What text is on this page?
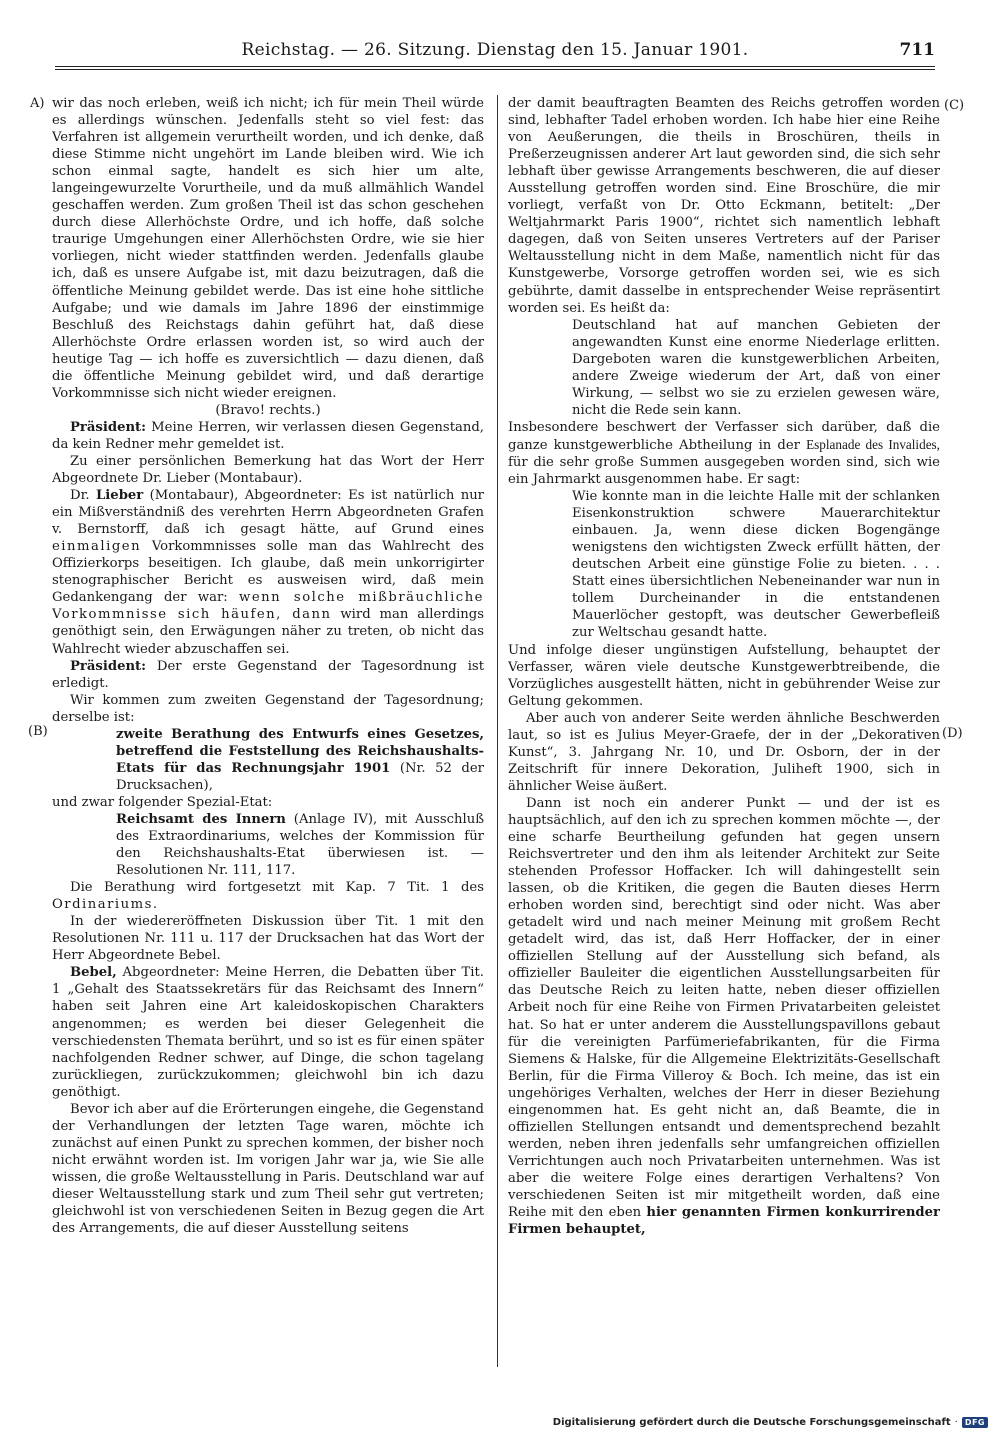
Reichstag. — 26. Sitzung. Dienstag den 15. Januar 1901.	711
A)
(B)
(C)
(D)

wir das noch erleben, weiß ich nicht; ich für mein Theil würde es allerdings wünschen. Jedenfalls steht so viel fest: das Verfahren ist allgemein verurtheilt worden, und ich denke, daß diese Stimme nicht ungehört im Lande bleiben wird. Wie ich schon einmal sagte, handelt es sich hier um alte, langeingewurzelte Vorurtheile, und da muß allmählich Wandel geschaffen werden. Zum großen Theil ist das schon geschehen durch diese Allerhöchste Ordre, und ich hoffe, daß solche traurige Umgehungen einer Allerhöchsten Ordre, wie sie hier vorliegen, nicht wieder stattfinden werden. Jedenfalls glaube ich, daß es unsere Aufgabe ist, mit dazu beizutragen, daß die öffentliche Meinung gebildet werde. Das ist eine hohe sittliche Aufgabe; und wie damals im Jahre 1896 der einstimmige Beschluß des Reichstags dahin geführt hat, daß diese Allerhöchste Ordre erlassen worden ist, so wird auch der heutige Tag — ich hoffe es zuversichtlich — dazu dienen, daß die öffentliche Meinung gebildet wird, und daß derartige Vorkommnisse sich nicht wieder ereignen.

(Bravo! rechts.)

Präsident: Meine Herren, wir verlassen diesen Gegenstand, da kein Redner mehr gemeldet ist.

Zu einer persönlichen Bemerkung hat das Wort der Herr Abgeordnete Dr. Lieber (Montabaur).

Dr. Lieber (Montabaur), Abgeordneter: Es ist natürlich nur ein Mißverständniß des verehrten Herrn Abgeordneten Grafen v. Bernstorff, daß ich gesagt hätte, auf Grund eines einmaligen Vorkommnisses solle man das Wahlrecht des Offizierkorps beseitigen. Ich glaube, daß mein unkorrigirter stenographischer Bericht es ausweisen wird, daß mein Gedankengang der war: wenn solche mißbräuchliche Vorkommnisse sich häufen, dann wird man allerdings genöthigt sein, den Erwägungen näher zu treten, ob nicht das Wahlrecht wieder abzuschaffen sei.

Präsident: Der erste Gegenstand der Tagesordnung ist erledigt.

Wir kommen zum zweiten Gegenstand der Tagesordnung; derselbe ist:

zweite Berathung des Entwurfs eines Gesetzes, betreffend die Feststellung des Reichshaushalts-Etats für das Rechnungsjahr 1901 (Nr. 52 der Drucksachen),

und zwar folgender Spezial-Etat:

Reichsamt des Innern (Anlage IV), mit Ausschluß des Extraordinariums, welches der Kommission für den Reichshaushalts-Etat überwiesen ist. — Resolutionen Nr. 111, 117.

Die Berathung wird fortgesetzt mit Kap. 7 Tit. 1 des Ordinariums.

In der wiedereröffneten Diskussion über Tit. 1 mit den Resolutionen Nr. 111 u. 117 der Drucksachen hat das Wort der Herr Abgeordnete Bebel.

Bebel, Abgeordneter: Meine Herren, die Debatten über Tit. 1 „Gehalt des Staatssekretärs für das Reichsamt des Innern“ haben seit Jahren eine Art kaleidoskopischen Charakters angenommen; es werden bei dieser Gelegenheit die verschiedensten Themata berührt, und so ist es für einen später nachfolgenden Redner schwer, auf Dinge, die schon tagelang zurückliegen, zurückzukommen; gleichwohl bin ich dazu genöthigt.

Bevor ich aber auf die Erörterungen eingehe, die Gegenstand der Verhandlungen der letzten Tage waren, möchte ich zunächst auf einen Punkt zu sprechen kommen, der bisher noch nicht erwähnt worden ist. Im vorigen Jahr war ja, wie Sie alle wissen, die große Weltausstellung in Paris. Deutschland war auf dieser Weltausstellung stark und zum Theil sehr gut vertreten; gleichwohl ist von verschiedenen Seiten in Bezug gegen die Art des Arrangements, die auf dieser Ausstellung seitens

der damit beauftragten Beamten des Reichs getroffen worden sind, lebhafter Tadel erhoben worden. Ich habe hier eine Reihe von Aeußerungen, die theils in Broschüren, theils in Preßerzeugnissen anderer Art laut geworden sind, die sich sehr lebhaft über gewisse Arrangements beschweren, die auf dieser Ausstellung getroffen worden sind. Eine Broschüre, die mir vorliegt, verfaßt von Dr. Otto Eckmann, betitelt: „Der Weltjahrmarkt Paris 1900“, richtet sich namentlich lebhaft dagegen, daß von Seiten unseres Vertreters auf der Pariser Weltausstellung nicht in dem Maße, namentlich nicht für das Kunstgewerbe, Vorsorge getroffen worden sei, wie es sich gebührte, damit dasselbe in entsprechender Weise repräsentirt worden sei. Es heißt da:

Deutschland hat auf manchen Gebieten der angewandten Kunst eine enorme Niederlage erlitten. Dargeboten waren die kunstgewerblichen Arbeiten, andere Zweige wiederum der Art, daß von einer Wirkung, — selbst wo sie zu erzielen gewesen wäre, nicht die Rede sein kann.

Insbesondere beschwert der Verfasser sich darüber, daß die ganze kunstgewerbliche Abtheilung in der Esplanade des Invalides, für die sehr große Summen ausgegeben worden sind, sich wie ein Jahrmarkt ausgenommen habe. Er sagt:

Wie konnte man in die leichte Halle mit der schlanken Eisenkonstruktion schwere Mauerarchitektur einbauen. Ja, wenn diese dicken Bogengänge wenigstens den wichtigsten Zweck erfüllt hätten, der deutschen Arbeit eine günstige Folie zu bieten. . . . Statt eines übersichtlichen Nebeneinander war nun in tollem Durcheinander in die entstandenen Mauerlöcher gestopft, was deutscher Gewerbefleiß zur Weltschau gesandt hatte.

Und infolge dieser ungünstigen Aufstellung, behauptet der Verfasser, wären viele deutsche Kunstgewerbtreibende, die Vorzügliches ausgestellt hätten, nicht in gebührender Weise zur Geltung gekommen.

Aber auch von anderer Seite werden ähnliche Beschwerden laut, so ist es Julius Meyer-Graefe, der in der „Dekorativen Kunst“, 3. Jahrgang Nr. 10, und Dr. Osborn, der in der Zeitschrift für innere Dekoration, Juliheft 1900, sich in ähnlicher Weise äußert.

Dann ist noch ein anderer Punkt — und der ist es hauptsächlich, auf den ich zu sprechen kommen möchte —, der eine scharfe Beurtheilung gefunden hat gegen unsern Reichsvertreter und den ihm als leitender Architekt zur Seite stehenden Professor Hoffacker. Ich will dahingestellt sein lassen, ob die Kritiken, die gegen die Bauten dieses Herrn erhoben worden sind, berechtigt sind oder nicht. Was aber getadelt wird und nach meiner Meinung mit großem Recht getadelt wird, das ist, daß Herr Hoffacker, der in einer offiziellen Stellung auf der Ausstellung sich befand, als offizieller Bauleiter die eigentlichen Ausstellungsarbeiten für das Deutsche Reich zu leiten hatte, neben dieser offiziellen Arbeit noch für eine Reihe von Firmen Privatarbeiten geleistet hat. So hat er unter anderem die Ausstellungspavillons gebaut für die vereinigten Parfümeriefabrikanten, für die Firma Siemens & Halske, für die Allgemeine Elektrizitäts-Gesellschaft Berlin, für die Firma Villeroy & Boch. Ich meine, das ist ein ungehöriges Verhalten, welches der Herr in dieser Beziehung eingenommen hat. Es geht nicht an, daß Beamte, die in offiziellen Stellungen entsandt und dementsprechend bezahlt werden, neben ihren jedenfalls sehr umfangreichen offiziellen Verrichtungen auch noch Privatarbeiten unternehmen. Was ist aber die weitere Folge eines derartigen Verhaltens? Von verschiedenen Seiten ist mir mitgetheilt worden, daß eine Reihe mit den eben hier genannten Firmen konkurrirender Firmen behauptet,

Digitalisierung gefördert durch die Deutsche Forschungsgemeinschaft · DFG
